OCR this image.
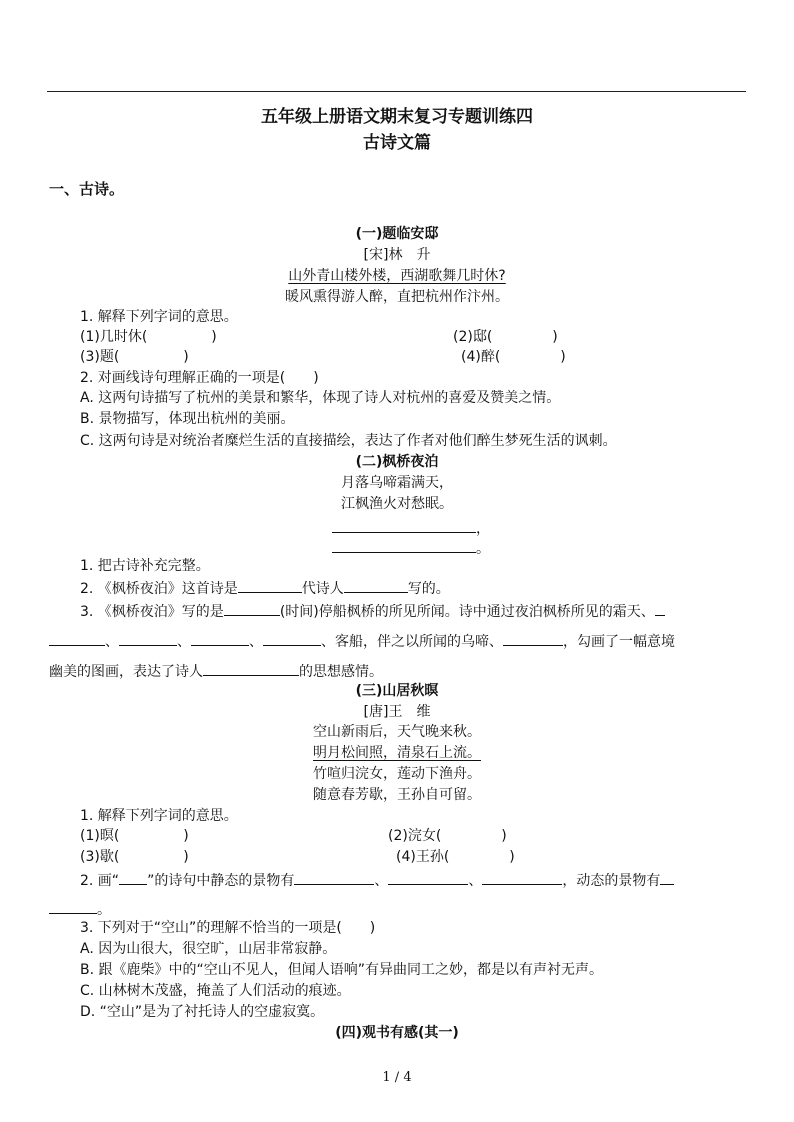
五年级上册语文期末复习专题训练四
古诗文篇
一、古诗。
(一)题临安邸
[宋]林　升
山外青山楼外楼，西湖歌舞几时休?
暖风熏得游人醉，直把杭州作汴州。
1. 解释下列字词的意思。
(1)几时休(	)	(2)邸(	)
(3)题(	)	(4)醉(	)
2. 对画线诗句理解正确的一项是(　　)
A. 这两句诗描写了杭州的美景和繁华，体现了诗人对杭州的喜爱及赞美之情。
B. 景物描写，体现出杭州的美丽。
C. 这两句诗是对统治者糜烂生活的直接描绘，表达了作者对他们醉生梦死生活的讽刺。
(二)枫桥夜泊
月落乌啼霜满天，
江枫渔火对愁眠。
，
。
1. 把古诗补充完整。
2. 《枫桥夜泊》这首诗是	代诗人	写的。
3. 《枫桥夜泊》写的是	(时间)停船枫桥的所见所闻。诗中通过夜泊枫桥所见的霜天、
、	、	、	、客船，伴之以所闻的乌啼、	，勾画了一幅意境
幽美的图画，表达了诗人	的思想感情。
(三)山居秋暝
[唐]王　维
空山新雨后，天气晚来秋。
明月松间照，清泉石上流。
竹喧归浣女，莲动下渔舟。
随意春芳歇，王孙自可留。
1. 解释下列字词的意思。
(1)暝(	)	(2)浣女(	)
(3)歇(	)	(4)王孙(	)
2. 画“ ”的诗句中静态的景物有	、	、	，动态的景物有
。
3. 下列对于“空山”的理解不恰当的一项是(　　)
A. 因为山很大，很空旷，山居非常寂静。
B. 跟《鹿柴》中的“空山不见人，但闻人语响”有异曲同工之妙，都是以有声衬无声。
C. 山林树木茂盛，掩盖了人们活动的痕迹。
D. “空山”是为了衬托诗人的空虚寂寞。
(四)观书有感(其一)
1 / 4
